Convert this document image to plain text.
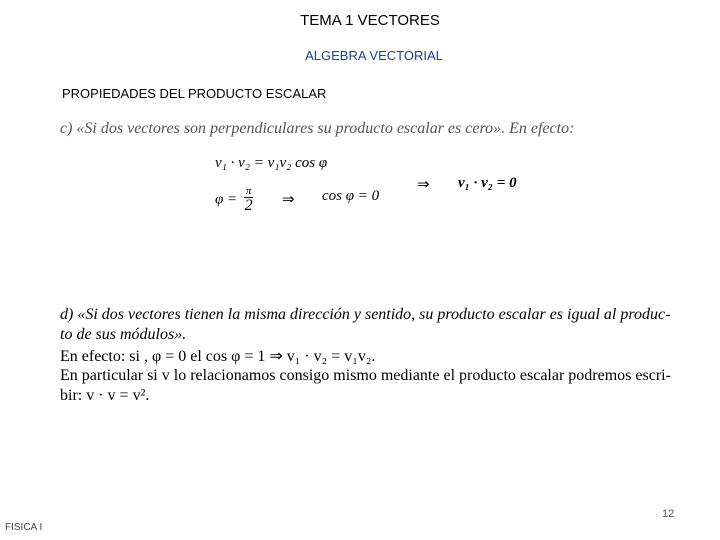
TEMA 1 VECTORES
ALGEBRA VECTORIAL
PROPIEDADES DEL PRODUCTO ESCALAR
c) «Si dos vectores son perpendiculares su producto escalar es cero». En efecto:
v₁ · v₂ = v₁v₂ cos φ
$\varphi = \frac{\pi}{2}$ ⇒ cos φ = 0
⇒ v₁ · v₂ = 0
d) «Si dos vectores tienen la misma dirección y sentido, su producto escalar es igual al produc-
to de sus módulos».
En efecto: si , φ = 0 el cos φ = 1 ⇒ v₁ · v₂ = v₁v₂.
En particular si v lo relacionamos consigo mismo mediante el producto escalar podremos escri-
bir: v · v = v².
FISICA I
12
